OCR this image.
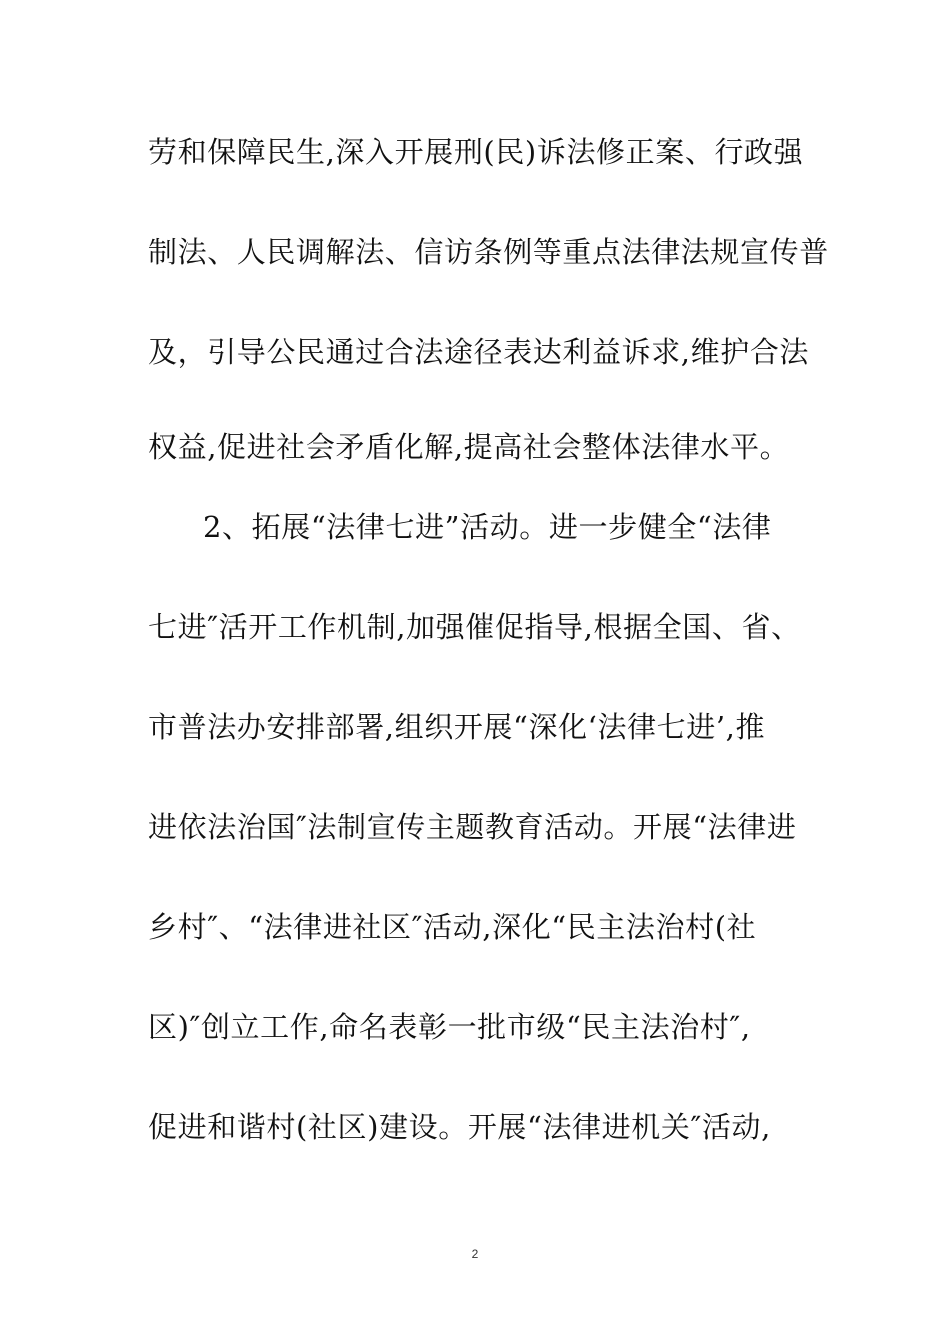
劳和保障民生,深入开展刑(民)诉法修正案、行政强
制法、人民调解法、信访条例等重点法律法规宣传普
及，引导公民通过合法途径表达利益诉求,维护合法
权益,促进社会矛盾化解,提高社会整体法律水平。
2、拓展“法律七进”活动。进一步健全“法律
七进″活开工作机制,加强催促指导,根据全国、省、
市普法办安排部署,组织开展“深化‘法律七进’,推
进依法治国″法制宣传主题教育活动。开展“法律进
乡村″、“法律进社区″活动,深化“民主法治村(社
区)″创立工作,命名表彰一批市级“民主法治村″,
促进和谐村(社区)建设。开展“法律进机关″活动,
2
